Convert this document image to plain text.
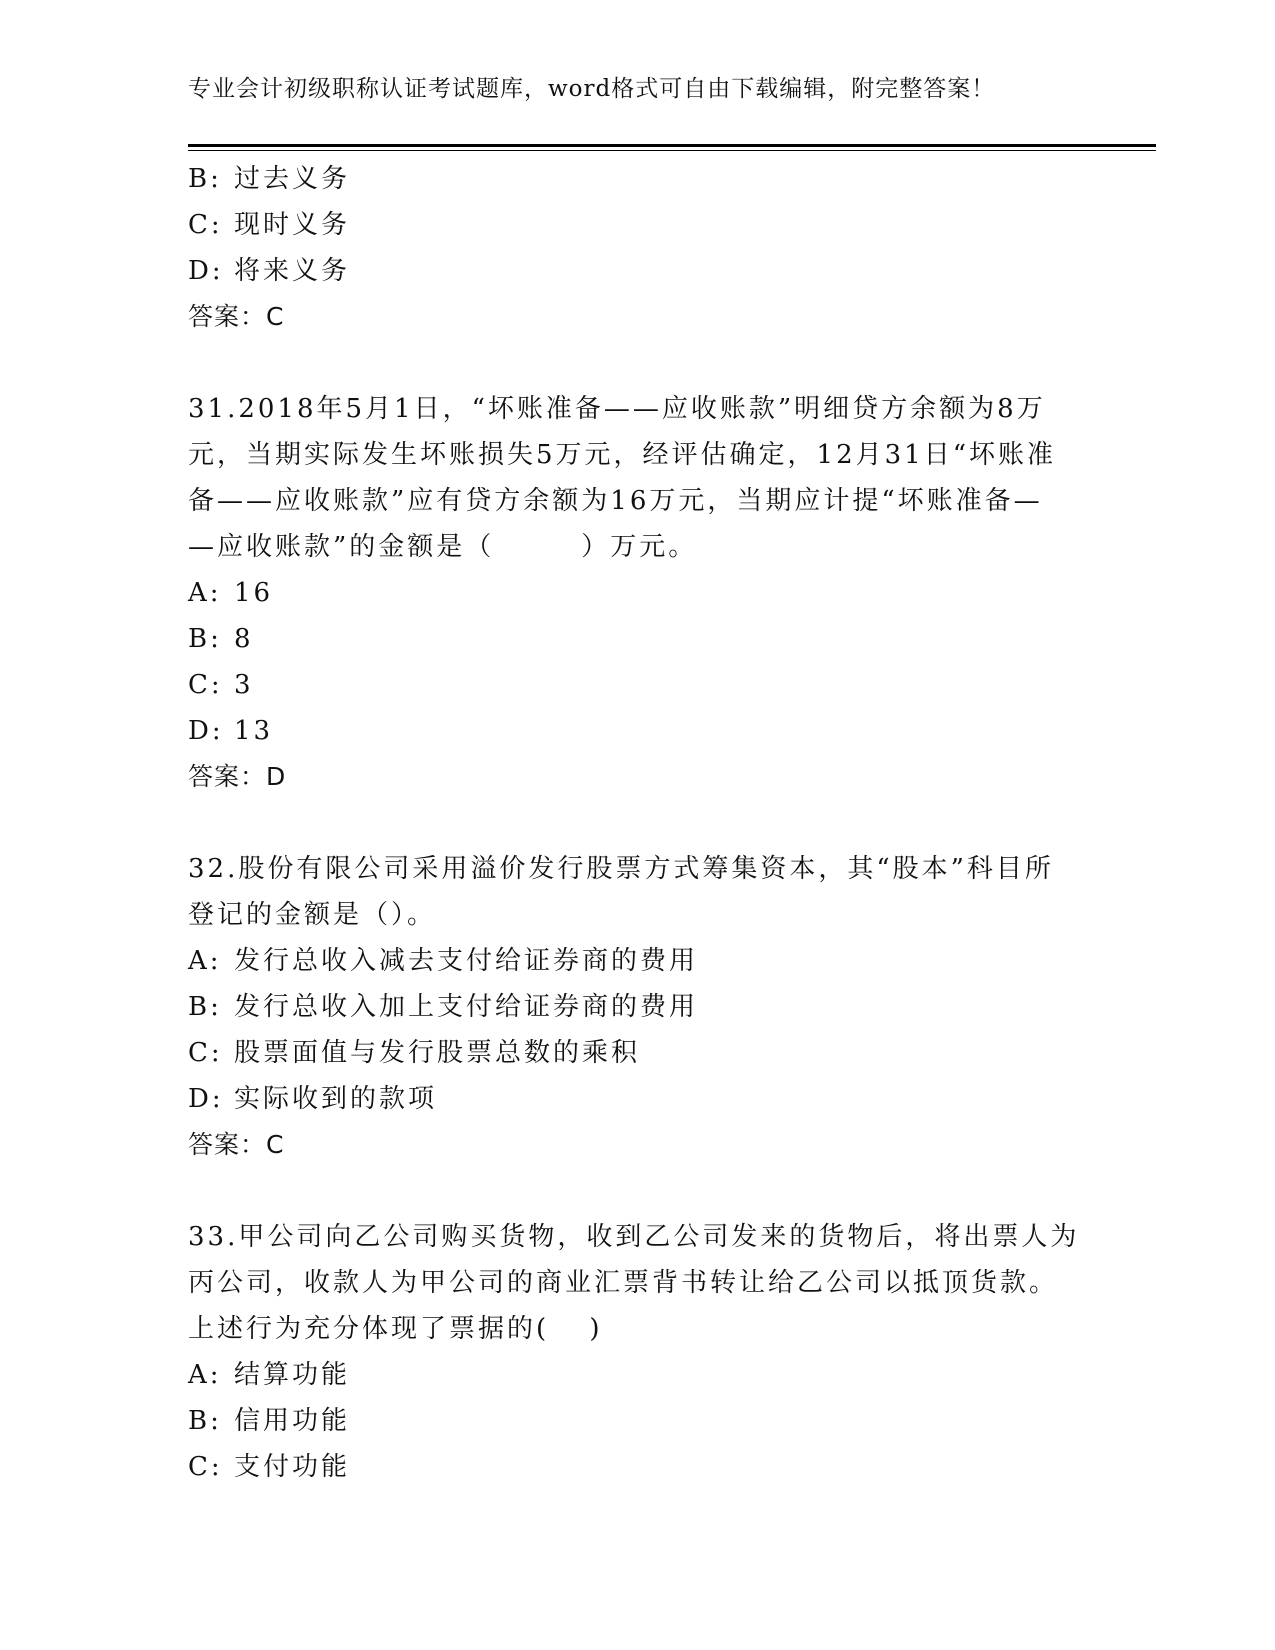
专业会计初级职称认证考试题库，word格式可自由下载编辑，附完整答案！
B: 过去义务
C: 现时义务
D: 将来义务
答案：C
31.2018年5月1日，“坏账准备——应收账款”明细贷方余额为8万
元，当期实际发生坏账损失5万元，经评估确定，12月31日“坏账准
备——应收账款”应有贷方余额为16万元，当期应计提“坏账准备—
—应收账款”的金额是（　　　）万元。
A: 16
B: 8
C: 3
D: 13
答案：D
32.股份有限公司采用溢价发行股票方式筹集资本，其“股本”科目所
登记的金额是（）。
A: 发行总收入减去支付给证券商的费用
B: 发行总收入加上支付给证券商的费用
C: 股票面值与发行股票总数的乘积
D: 实际收到的款项
答案：C
33.甲公司向乙公司购买货物，收到乙公司发来的货物后，将出票人为
丙公司，收款人为甲公司的商业汇票背书转让给乙公司以抵顶货款。
上述行为充分体现了票据的(　 )
A: 结算功能
B: 信用功能
C: 支付功能
